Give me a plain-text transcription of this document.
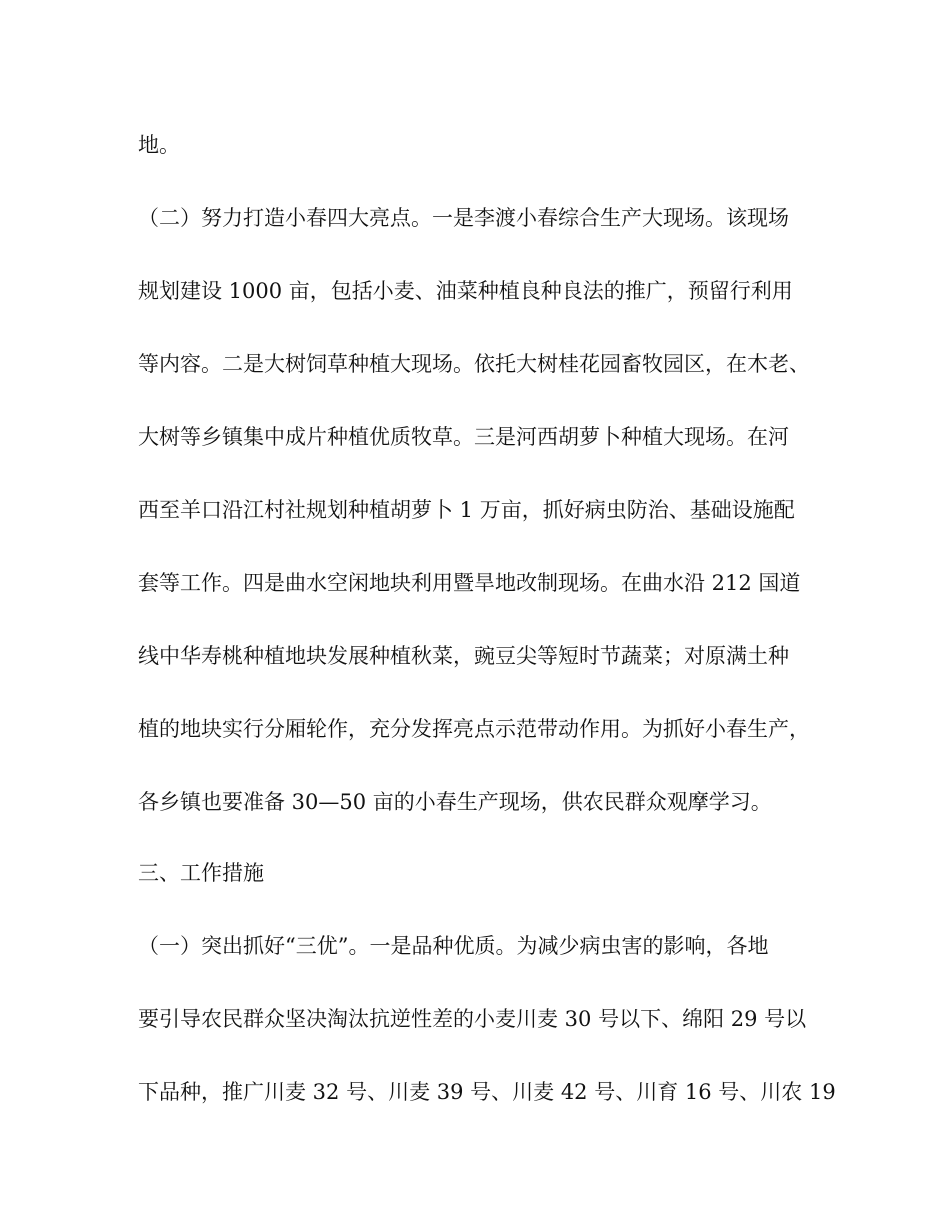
地。
（二）努力打造小春四大亮点。一是李渡小春综合生产大现场。该现场
规划建设 1000 亩，包括小麦、油菜种植良种良法的推广，预留行利用
等内容。二是大树饲草种植大现场。依托大树桂花园畜牧园区，在木老、
大树等乡镇集中成片种植优质牧草。三是河西胡萝卜种植大现场。在河
西至羊口沿江村社规划种植胡萝卜 1 万亩，抓好病虫防治、基础设施配
套等工作。四是曲水空闲地块利用暨旱地改制现场。在曲水沿 212 国道
线中华寿桃种植地块发展种植秋菜，豌豆尖等短时节蔬菜；对原满土种
植的地块实行分厢轮作，充分发挥亮点示范带动作用。为抓好小春生产，
各乡镇也要准备 30—50 亩的小春生产现场，供农民群众观摩学习。
三、工作措施
（一）突出抓好“三优”。一是品种优质。为减少病虫害的影响，各地
要引导农民群众坚决淘汰抗逆性差的小麦川麦 30 号以下、绵阳 29 号以
下品种，推广川麦 32 号、川麦 39 号、川麦 42 号、川育 16 号、川农 19
